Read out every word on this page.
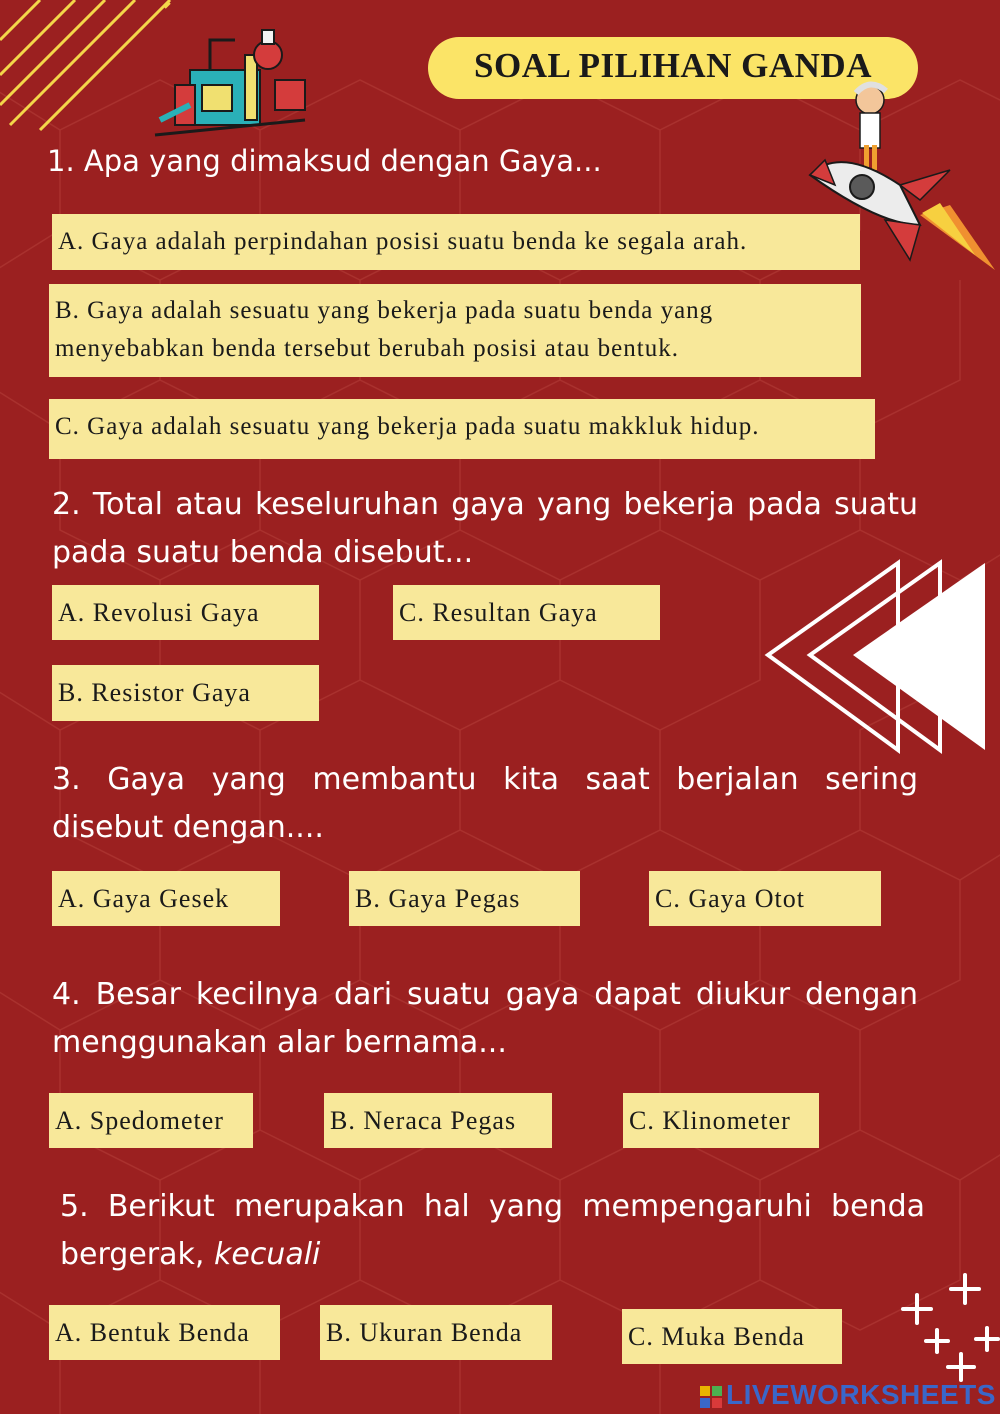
SOAL PILIHAN GANDA
1. Apa yang dimaksud dengan Gaya...
A. Gaya adalah perpindahan posisi suatu benda ke segala arah.
B. Gaya adalah sesuatu yang bekerja pada suatu benda yang menyebabkan benda tersebut berubah posisi atau bentuk.
C. Gaya adalah sesuatu yang bekerja pada suatu makkluk hidup.
2. Total atau keseluruhan gaya yang bekerja pada suatu pada suatu benda disebut...
A. Revolusi Gaya	C. Resultan Gaya
B. Resistor Gaya
3. Gaya yang membantu kita saat berjalan sering disebut dengan....
A. Gaya Gesek	B. Gaya Pegas	C. Gaya Otot
4. Besar kecilnya dari suatu gaya dapat diukur dengan menggunakan alar bernama...
A. Spedometer	B. Neraca Pegas	C. Klinometer
5. Berikut merupakan hal yang mempengaruhi benda bergerak, kecuali
A. Bentuk Benda	B. Ukuran Benda	C. Muka Benda
LIVEWORKSHEETS
